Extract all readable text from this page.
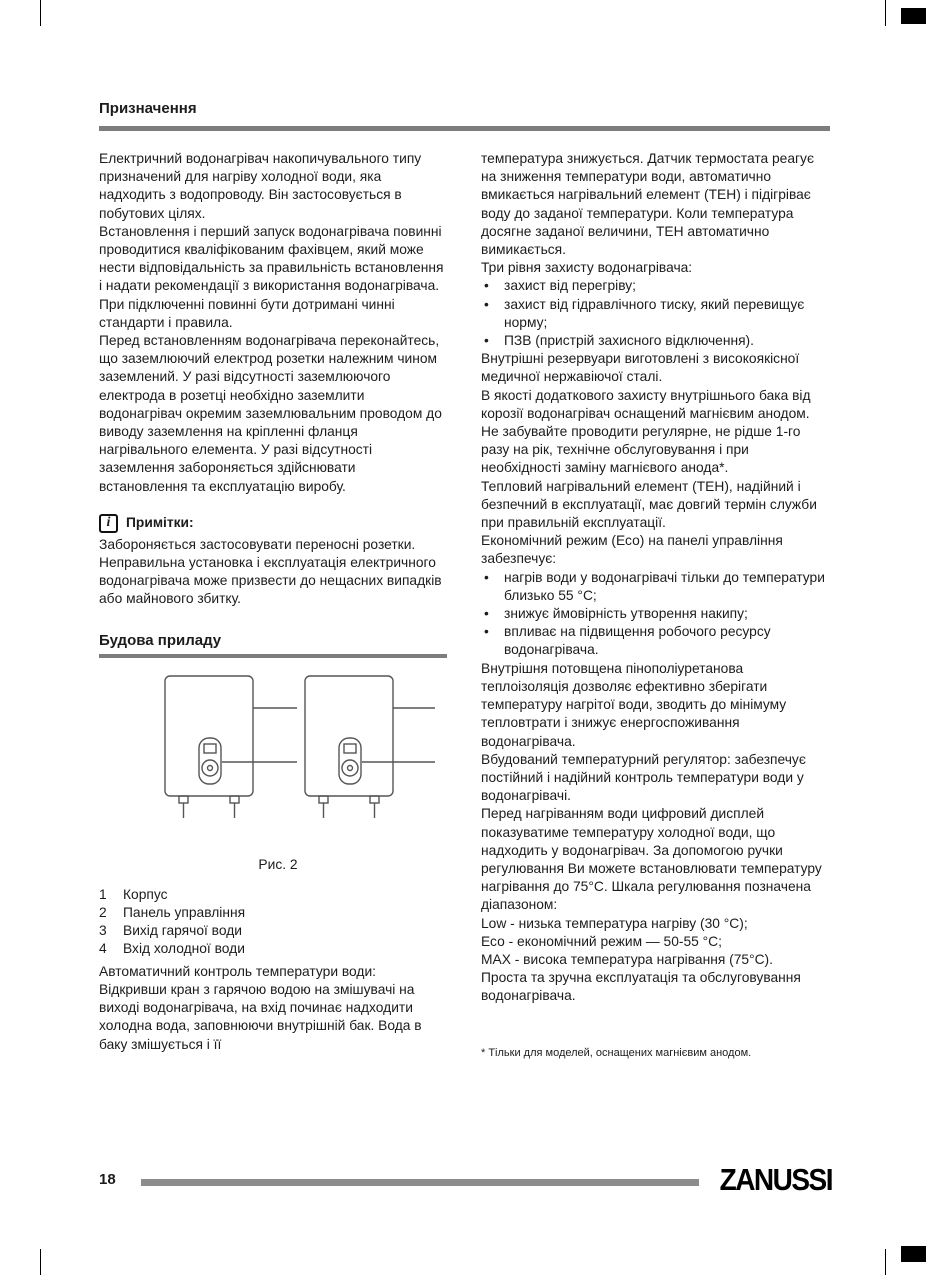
Призначення

Електричний водонагрівач накопичувального типу призначений для нагріву холодної води, яка надходить з водопроводу. Він застосовується в побутових цілях.

Встановлення і перший запуск водонагрівача повинні проводитися кваліфікованим фахівцем, який може нести відповідальність за правильність встановлення і надати рекомендації з використання водонагрівача.

При підключенні повинні бути дотримані чинні стандарти і правила.

Перед встановленням водонагрівача переконайтесь, що заземлюючий електрод розетки належним чином заземлений. У разі відсутності заземлюючого електрода в розетці необхідно заземлити водонагрівач окремим заземлювальним проводом до виводу заземлення на кріпленні фланця нагрівального елемента. У разі відсутності заземлення забороняється здійснювати встановлення та експлуатацію виробу.

i	Примітки:

Забороняється застосовувати переносні розетки. Неправильна установка і експлуатація електричного водонагрівача може призвести до нещасних випадків або майнового збитку.

Будова приладу
Рис. 2
1	Корпус
2	Панель управління
3	Вихід гарячої води
4	Вхід холодної води

Автоматичний контроль температури води:

Відкривши кран з гарячою водою на змішувачі на виході водонагрівача, на вхід починає надходити холодна вода, заповнюючи внутрішній бак. Вода в баку змішується і її

температура знижується. Датчик термостата реагує на зниження температури води, автоматично вмикається нагрівальний елемент (ТЕН) і підігріває воду до заданої температури. Коли температура досягне заданої величини, ТЕН автоматично вимикається.

Три рівня захисту водонагрівача:

•	захист від перегріву;
•	захист від гідравлічного тиску, який перевищує норму;
•	ПЗВ (пристрій захисного відключення).

Внутрішні резервуари виготовлені з високоякісної медичної нержавіючої сталі.

В якості додаткового захисту внутрішнього бака від корозії водонагрівач оснащений магнієвим анодом. Не забувайте проводити регулярне, не рідше 1-го разу на рік, технічне обслуговування і при необхідності заміну магнієвого анода*.

Тепловий нагрівальний елемент (ТЕН), надійний і безпечний в експлуатації, має довгий термін служби при правильній експлуатації.

Економічний режим (Есо) на панелі управління забезпечує:

•	нагрів води у водонагрівачі тільки до температури близько 55 °С;
•	знижує ймовірність утворення накипу;
•	впливає на підвищення робочого ресурсу водонагрівача.

Внутрішня потовщена пінополіуретанова теплоізоляція дозволяє ефективно зберігати температуру нагрітої води, зводить до мінімуму тепловтрати і знижує енергоспоживання водонагрівача.

Вбудований температурний регулятор: забезпечує постійний і надійний контроль температури води у водонагрівачі.

Перед нагріванням води цифровий дисплей показуватиме температуру холодної води, що надходить у водонагрівач. За допомогою ручки регулювання Ви можете встановлювати температуру нагрівання до 75°С. Шкала регулювання позначена діапазоном:

Low - низька температура нагріву (30 °С);

Есо - економічний режим — 50-55 °С;

МАХ - висока температура нагрівання (75°С).

Проста та зручна експлуатація та обслуговування водонагрівача.

* Тільки для моделей, оснащених магнієвим анодом.

18	ZANUSSI
